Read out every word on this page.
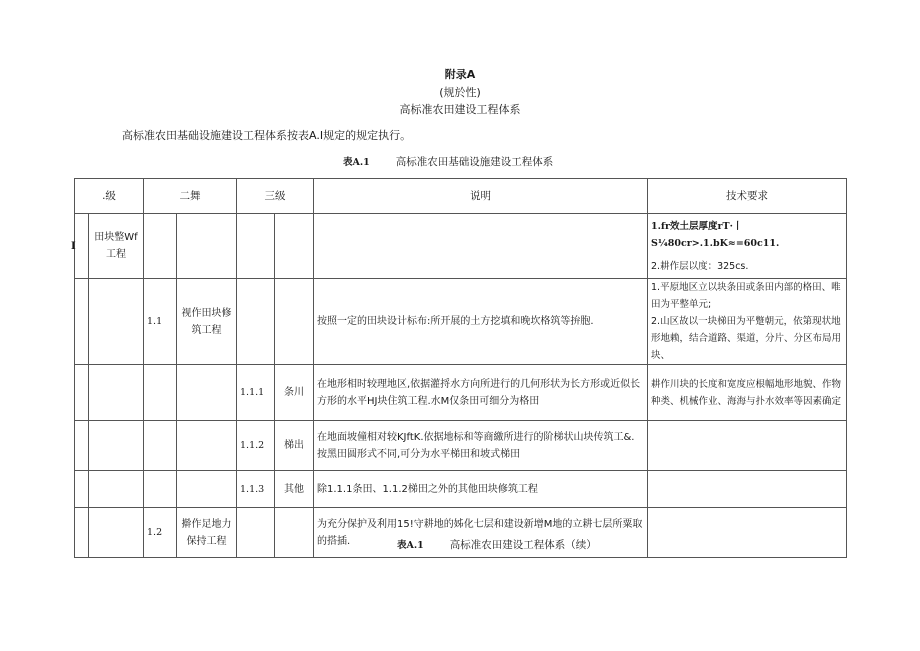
附录A
(规於性)
高标准农田建设工程体系
高标准农田基础设施建设工程体系按表A.I规定的规定执行。
表A.1 高标准农田基础设施建设工程体系
.级		二舞		三级		说明	技术要求
I	田块整Wf工程						1.fr效土层厚度rT·丨S¼80cr>.1.bK≈=60c11.
2.耕作层以度：325cs.

		1.1	视作田块修筑工程			按照一定的田块设计标布:所开展的土方挖填和晚坎格筑等拚胞.	1.平原地区立以块条田或条田内部的格田、唯田为平整单元;
2.山区故以一块梯田为平蹩朝元，依第现状地形地赖，结合道路、渠道，分片、分区布局用块、

				1.1.1	条川	在地形相时较理地区,依据灌捋水方向所进行的几何形状为长方形或近似长方形的水平HJ块住筑工程.水M仅条田可细分为格田	耕作川块的长度和宽度应根幅地形地貌、作物种类、机械作业、海海与扑水效率等因素确定
				1.1.2	梯出	在地面坡僮相对较KJftK.依据地标和等商繳所进行的阶梯状山块传筑工&.按黑田圆形式不同,可分为水平梯田和坡式梯田	
				1.1.3	其他	除1.1.1条田、1.1.2梯田之外的其他田块修筑工程	
		1.2	擀作足地力保持工程			为充分保护及利用15!守耕地的姊化七层和建设新增M地的立耕七层所粟取的搭插.		表A.1 高标准农田建设工程体系（续）
